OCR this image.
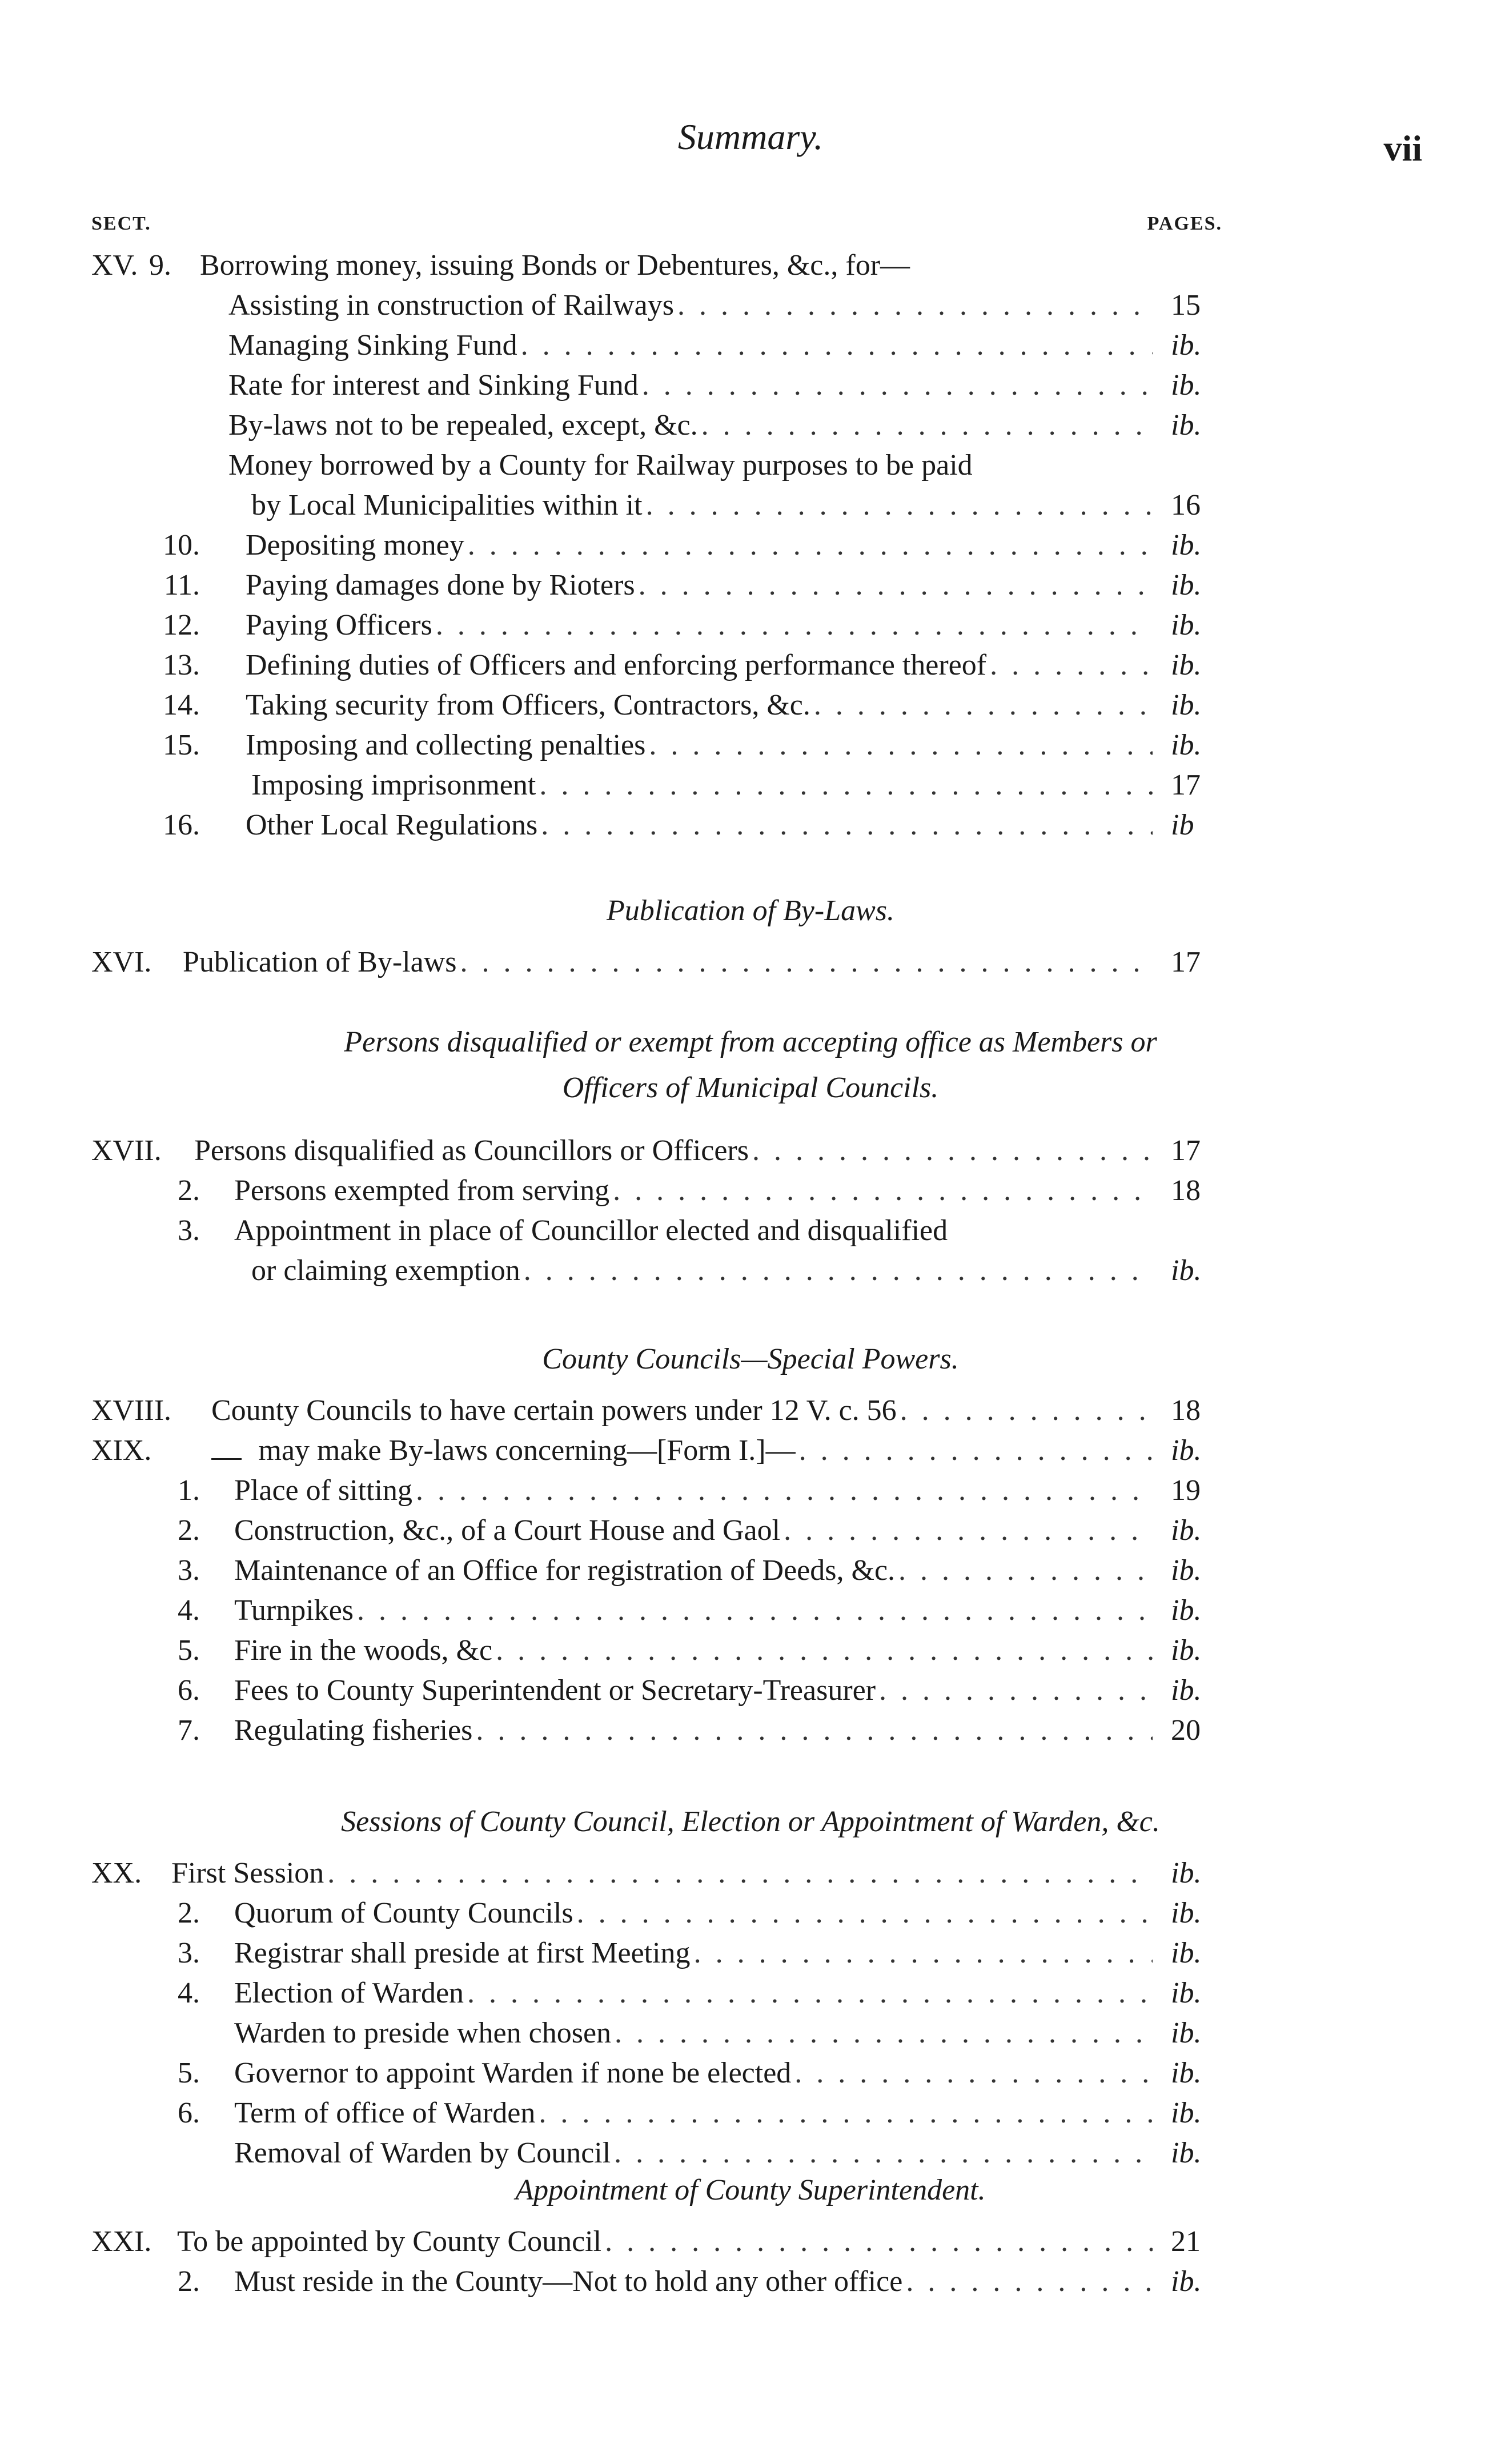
Summary.	vii
SECT.	PAGES.
Publication of By-Laws.
Persons disqualified or exempt from accepting office as Members or
Officers of Municipal Councils.
County Councils—Special Powers.
Sessions of County Council, Election or Appointment of Warden, &c.
Appointment of County Superintendent.
XV. 9. Borrowing money, issuing Bonds or Debentures, &c., for—
Assisting in construction of Railways . . .	15
Managing Sinking Fund . . .	ib.
Rate for interest and Sinking Fund . . .	ib.
By-laws not to be repealed, except, &c. . . .	ib.
Money borrowed by a County for Railway purposes to be paid
by Local Municipalities within it . . .	16
10. Depositing money . . .	ib.
11. Paying damages done by Rioters . . .	ib.
12. Paying Officers . . .	ib.
13. Defining duties of Officers and enforcing performance thereof . . .	ib.
14. Taking security from Officers, Contractors, &c. . . .	ib.
15. Imposing and collecting penalties . . .	ib.
Imposing imprisonment . . .	17
16. Other Local Regulations . . .	ib
XVI. Publication of By-laws . . .	17
XVII. Persons disqualified as Councillors or Officers . . .	17
2. Persons exempted from serving . . .	18
3. Appointment in place of Councillor elected and disqualified
or claiming exemption . . .	ib.
XVIII. County Councils to have certain powers under 12 V. c. 56 . . .	18
XIX.	may make By-laws concerning—[Form I.]— . . .	ib.
1. Place of sitting . . .	19
2. Construction, &c., of a Court House and Gaol . . .	ib.
3. Maintenance of an Office for registration of Deeds, &c. . . .	ib.
4. Turnpikes . . .	ib.
5. Fire in the woods, &c . . .	ib.
6. Fees to County Superintendent or Secretary-Treasurer . . .	ib.
7. Regulating fisheries . . .	20
XX. First Session . . .	ib.
2. Quorum of County Councils . . .	ib.
3. Registrar shall preside at first Meeting . . .	ib.
4. Election of Warden . . .	ib.
Warden to preside when chosen . . .	ib.
5. Governor to appoint Warden if none be elected . . .	ib.
6. Term of office of Warden . . .	ib.
Removal of Warden by Council . . .	ib.
XXI. To be appointed by County Council . . .	21
2. Must reside in the County—Not to hold any other office . . .	ib.
